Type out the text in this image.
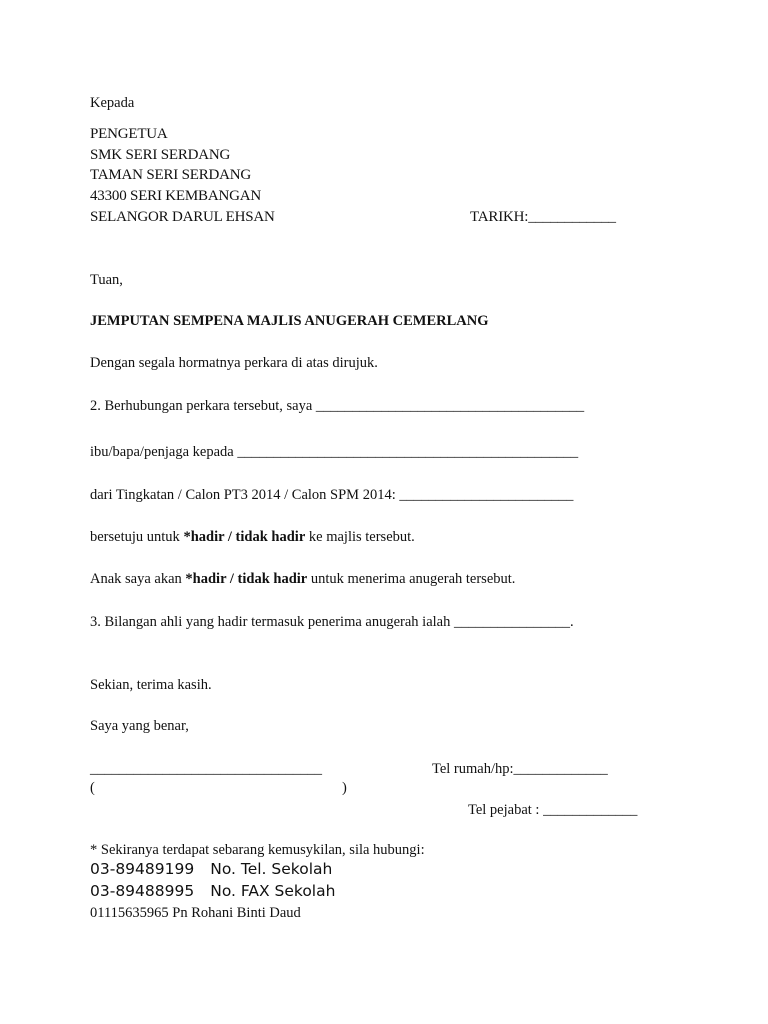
Kepada
PENGETUA
SMK SERI SERDANG
TAMAN SERI SERDANG
43300 SERI KEMBANGAN
SELANGOR DARUL EHSAN	TARIKH:____________
Tuan,
JEMPUTAN SEMPENA MAJLIS ANUGERAH CEMERLANG
Dengan segala hormatnya perkara di atas dirujuk.
2. Berhubungan perkara tersebut, saya _____________________________________
ibu/bapa/penjaga kepada _______________________________________________
dari Tingkatan / Calon PT3 2014 / Calon SPM 2014: ________________________
bersetuju untuk *hadir / tidak hadir ke majlis tersebut.
Anak saya akan *hadir / tidak hadir untuk menerima anugerah tersebut.
3. Bilangan ahli yang hadir termasuk penerima anugerah ialah ________________.
Sekian, terima kasih.
Saya yang benar,
________________________________
(	)
Tel rumah/hp:_____________
Tel pejabat : _____________
* Sekiranya terdapat sebarang kemusykilan, sila hubungi:
03-89489199 No. Tel. Sekolah
03-89488995 No. FAX Sekolah
01115635965 Pn Rohani Binti Daud
